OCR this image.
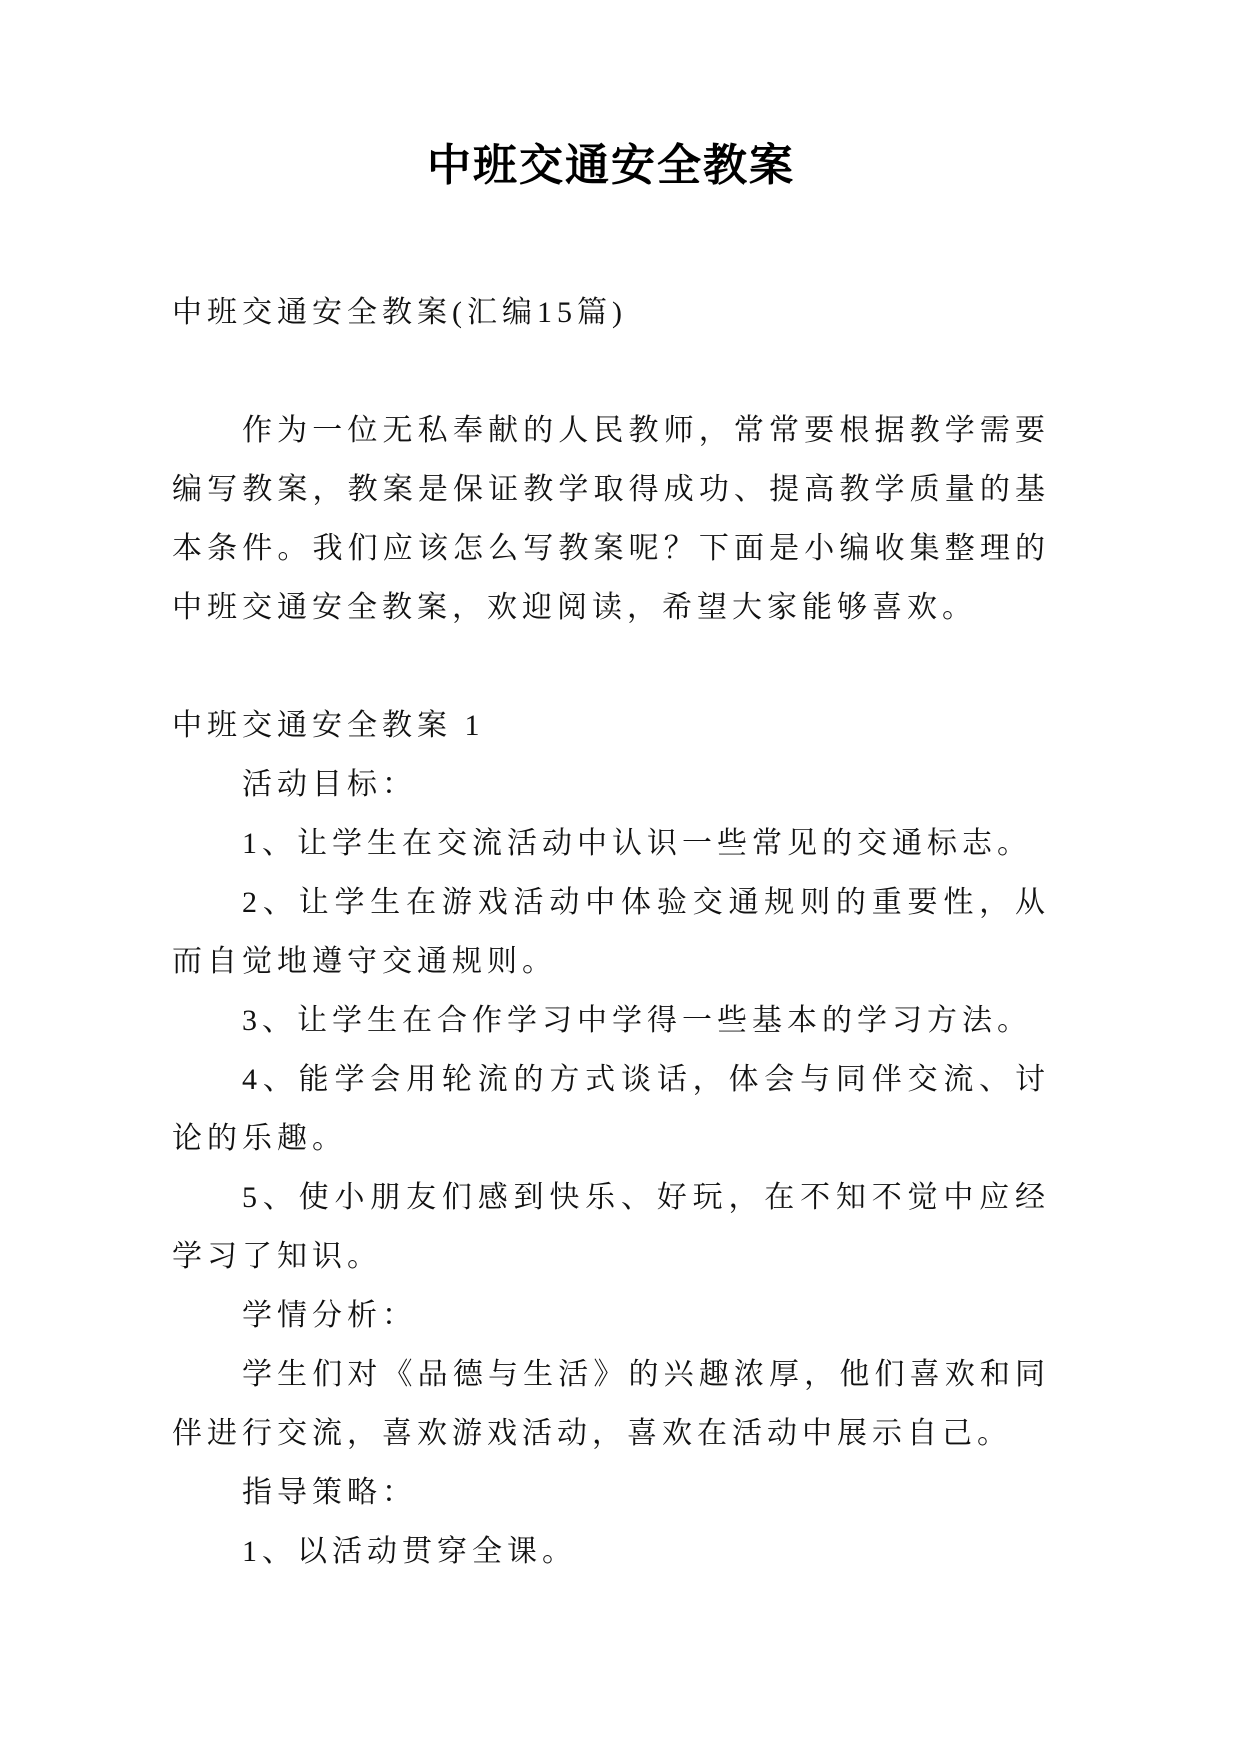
中班交通安全教案

中班交通安全教案(汇编15篇)

作为一位无私奉献的人民教师，常常要根据教学需要编写教案，教案是保证教学取得成功、提高教学质量的基本条件。我们应该怎么写教案呢？下面是小编收集整理的中班交通安全教案，欢迎阅读，希望大家能够喜欢。

中班交通安全教案 1

活动目标：

1、让学生在交流活动中认识一些常见的交通标志。

2、让学生在游戏活动中体验交通规则的重要性，从而自觉地遵守交通规则。

3、让学生在合作学习中学得一些基本的学习方法。

4、能学会用轮流的方式谈话，体会与同伴交流、讨论的乐趣。

5、使小朋友们感到快乐、好玩，在不知不觉中应经学习了知识。

学情分析：

学生们对《品德与生活》的兴趣浓厚，他们喜欢和同伴进行交流，喜欢游戏活动，喜欢在活动中展示自己。

指导策略：

1、以活动贯穿全课。
